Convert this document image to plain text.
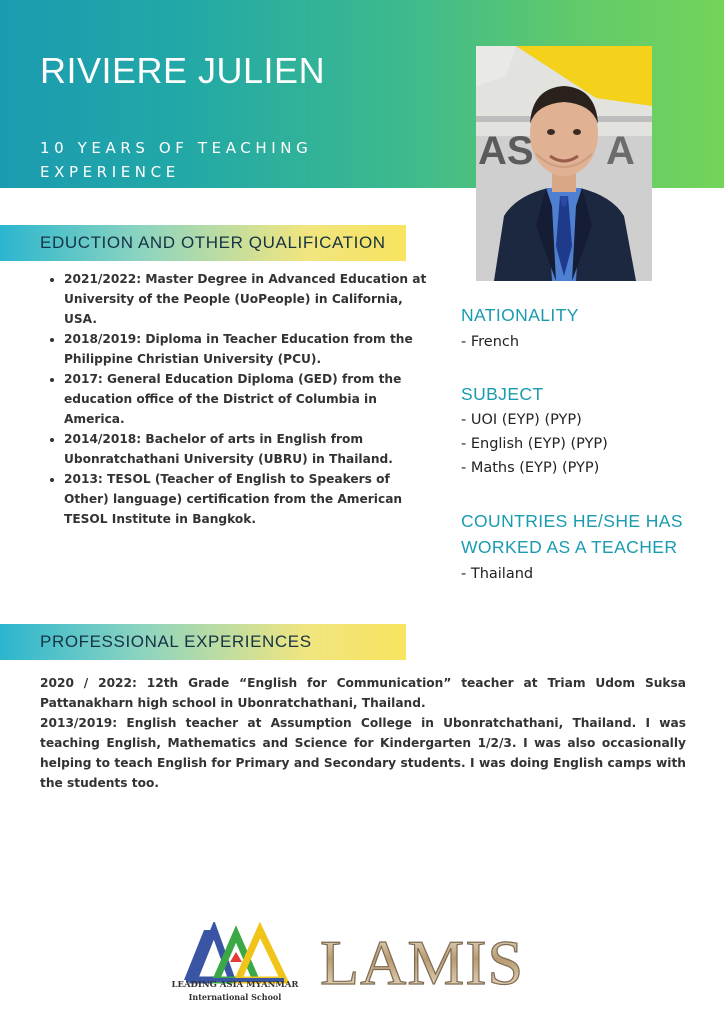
RIVIERE JULIEN
10 YEARS OF TEACHING EXPERIENCE	AS A
EDUCTION AND OTHER QUALIFICATION
• 2021/2022: Master Degree in Advanced Education at University of the People (UoPeople) in California, USA.
• 2018/2019: Diploma in Teacher Education from the Philippine Christian University (PCU).
• 2017: General Education Diploma (GED) from the education office of the District of Columbia in America.
• 2014/2018: Bachelor of arts in English from Ubonratchathani University (UBRU) in Thailand.
• 2013: TESOL (Teacher of English to Speakers of Other) language) certification from the American TESOL Institute in Bangkok.
NATIONALITY
- French
SUBJECT
- UOI (EYP) (PYP)
- English (EYP) (PYP)
- Maths (EYP) (PYP)
COUNTRIES HE/SHE HAS WORKED AS A TEACHER
- Thailand
PROFESSIONAL EXPERIENCES

2020 / 2022: 12th Grade “English for Communication” teacher at Triam Udom Suksa Pattanakharn high school in Ubonratchathani, Thailand.

2013/2019: English teacher at Assumption College in Ubonratchathani, Thailand. I was teaching English, Mathematics and Science for Kindergarten 1/2/3. I was also occasionally helping to teach English for Primary and Secondary students. I was doing English camps with the students too.

LEADING ASIA MYANMAR
International School LAMIS
